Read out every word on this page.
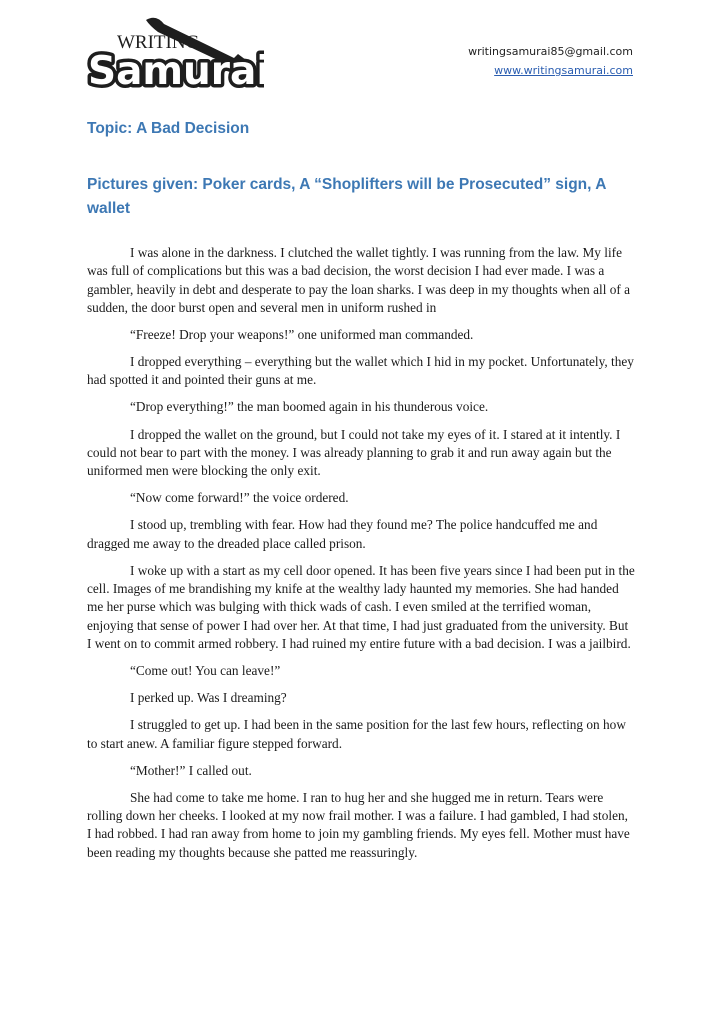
WRITING
Samurai	writingsamurai85@gmail.com
www.writingsamurai.com
Topic: A Bad Decision
Pictures given: Poker cards, A “Shoplifters will be Prosecuted” sign, A wallet

I was alone in the darkness. I clutched the wallet tightly. I was running from the law. My life was full of complications but this was a bad decision, the worst decision I had ever made. I was a gambler, heavily in debt and desperate to pay the loan sharks. I was deep in my thoughts when all of a sudden, the door burst open and several men in uniform rushed in

“Freeze! Drop your weapons!” one uniformed man commanded.

I dropped everything – everything but the wallet which I hid in my pocket. Unfortunately, they had spotted it and pointed their guns at me.

“Drop everything!” the man boomed again in his thunderous voice.

I dropped the wallet on the ground, but I could not take my eyes of it. I stared at it intently. I could not bear to part with the money. I was already planning to grab it and run away again but the uniformed men were blocking the only exit.

“Now come forward!” the voice ordered.

I stood up, trembling with fear. How had they found me? The police handcuffed me and dragged me away to the dreaded place called prison.

I woke up with a start as my cell door opened. It has been five years since I had been put in the cell. Images of me brandishing my knife at the wealthy lady haunted my memories. She had handed me her purse which was bulging with thick wads of cash. I even smiled at the terrified woman, enjoying that sense of power I had over her. At that time, I had just graduated from the university. But I went on to commit armed robbery. I had ruined my entire future with a bad decision. I was a jailbird.

“Come out! You can leave!”

I perked up. Was I dreaming?

I struggled to get up. I had been in the same position for the last few hours, reflecting on how to start anew. A familiar figure stepped forward.

“Mother!” I called out.

She had come to take me home. I ran to hug her and she hugged me in return. Tears were rolling down her cheeks. I looked at my now frail mother. I was a failure. I had gambled, I had stolen, I had robbed. I had ran away from home to join my gambling friends. My eyes fell. Mother must have been reading my thoughts because she patted me reassuringly.
